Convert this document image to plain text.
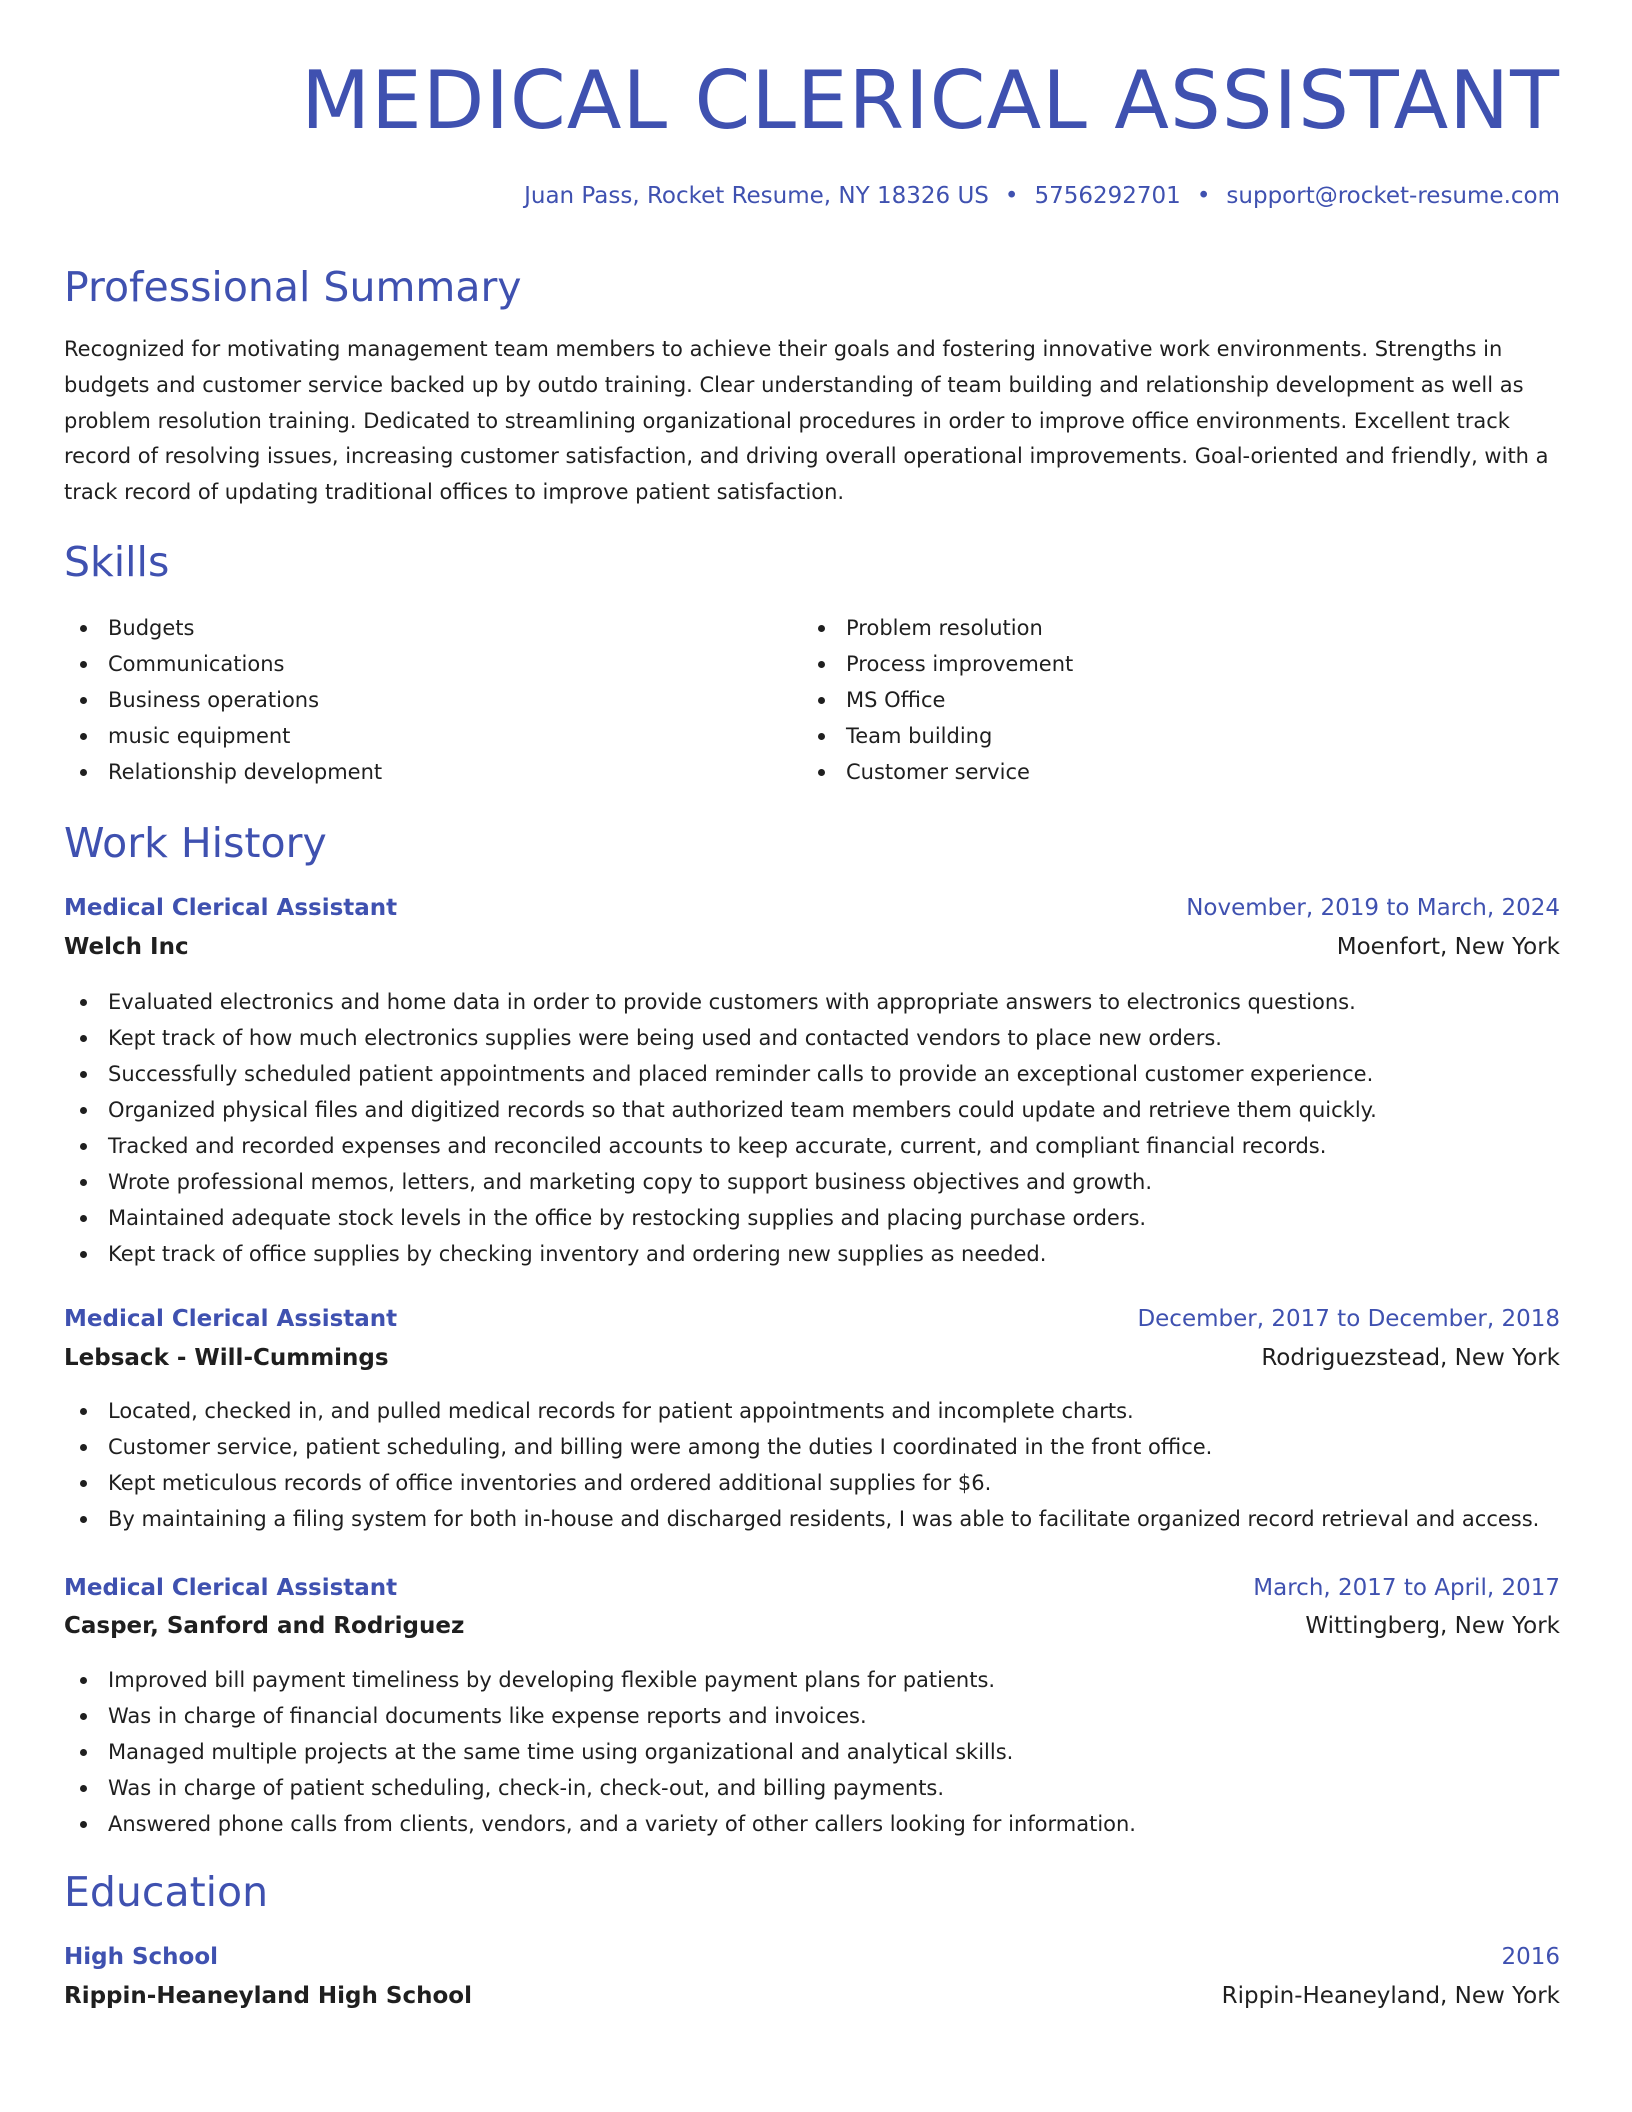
MEDICAL CLERICAL ASSISTANT
Juan Pass, Rocket Resume, NY 18326 US • 5756292701 • support@rocket-resume.com
Professional Summary

Recognized for motivating management team members to achieve their goals and fostering innovative work environments. Strengths in budgets and customer service backed up by outdo training. Clear understanding of team building and relationship development as well as problem resolution training. Dedicated to streamlining organizational procedures in order to improve office environments. Excellent track record of resolving issues, increasing customer satisfaction, and driving overall operational improvements. Goal-oriented and friendly, with a track record of updating traditional offices to improve patient satisfaction.

Skills
Budgets
Communications
Business operations
music equipment
Relationship development
Problem resolution
Process improvement
MS Office
Team building
Customer service
Work History
Medical Clerical Assistant	November, 2019 to March, 2024
Welch Inc	Moenfort, New York
Evaluated electronics and home data in order to provide customers with appropriate answers to electronics questions.
Kept track of how much electronics supplies were being used and contacted vendors to place new orders.
Successfully scheduled patient appointments and placed reminder calls to provide an exceptional customer experience.
Organized physical files and digitized records so that authorized team members could update and retrieve them quickly.
Tracked and recorded expenses and reconciled accounts to keep accurate, current, and compliant financial records.
Wrote professional memos, letters, and marketing copy to support business objectives and growth.
Maintained adequate stock levels in the office by restocking supplies and placing purchase orders.
Kept track of office supplies by checking inventory and ordering new supplies as needed.
Medical Clerical Assistant	December, 2017 to December, 2018
Lebsack - Will-Cummings	Rodriguezstead, New York
Located, checked in, and pulled medical records for patient appointments and incomplete charts.
Customer service, patient scheduling, and billing were among the duties I coordinated in the front office.
Kept meticulous records of office inventories and ordered additional supplies for $6.
By maintaining a filing system for both in-house and discharged residents, I was able to facilitate organized record retrieval and access.
Medical Clerical Assistant	March, 2017 to April, 2017
Casper, Sanford and Rodriguez	Wittingberg, New York
Improved bill payment timeliness by developing flexible payment plans for patients.
Was in charge of financial documents like expense reports and invoices.
Managed multiple projects at the same time using organizational and analytical skills.
Was in charge of patient scheduling, check-in, check-out, and billing payments.
Answered phone calls from clients, vendors, and a variety of other callers looking for information.
Education
High School	2016
Rippin-Heaneyland High School	Rippin-Heaneyland, New York
